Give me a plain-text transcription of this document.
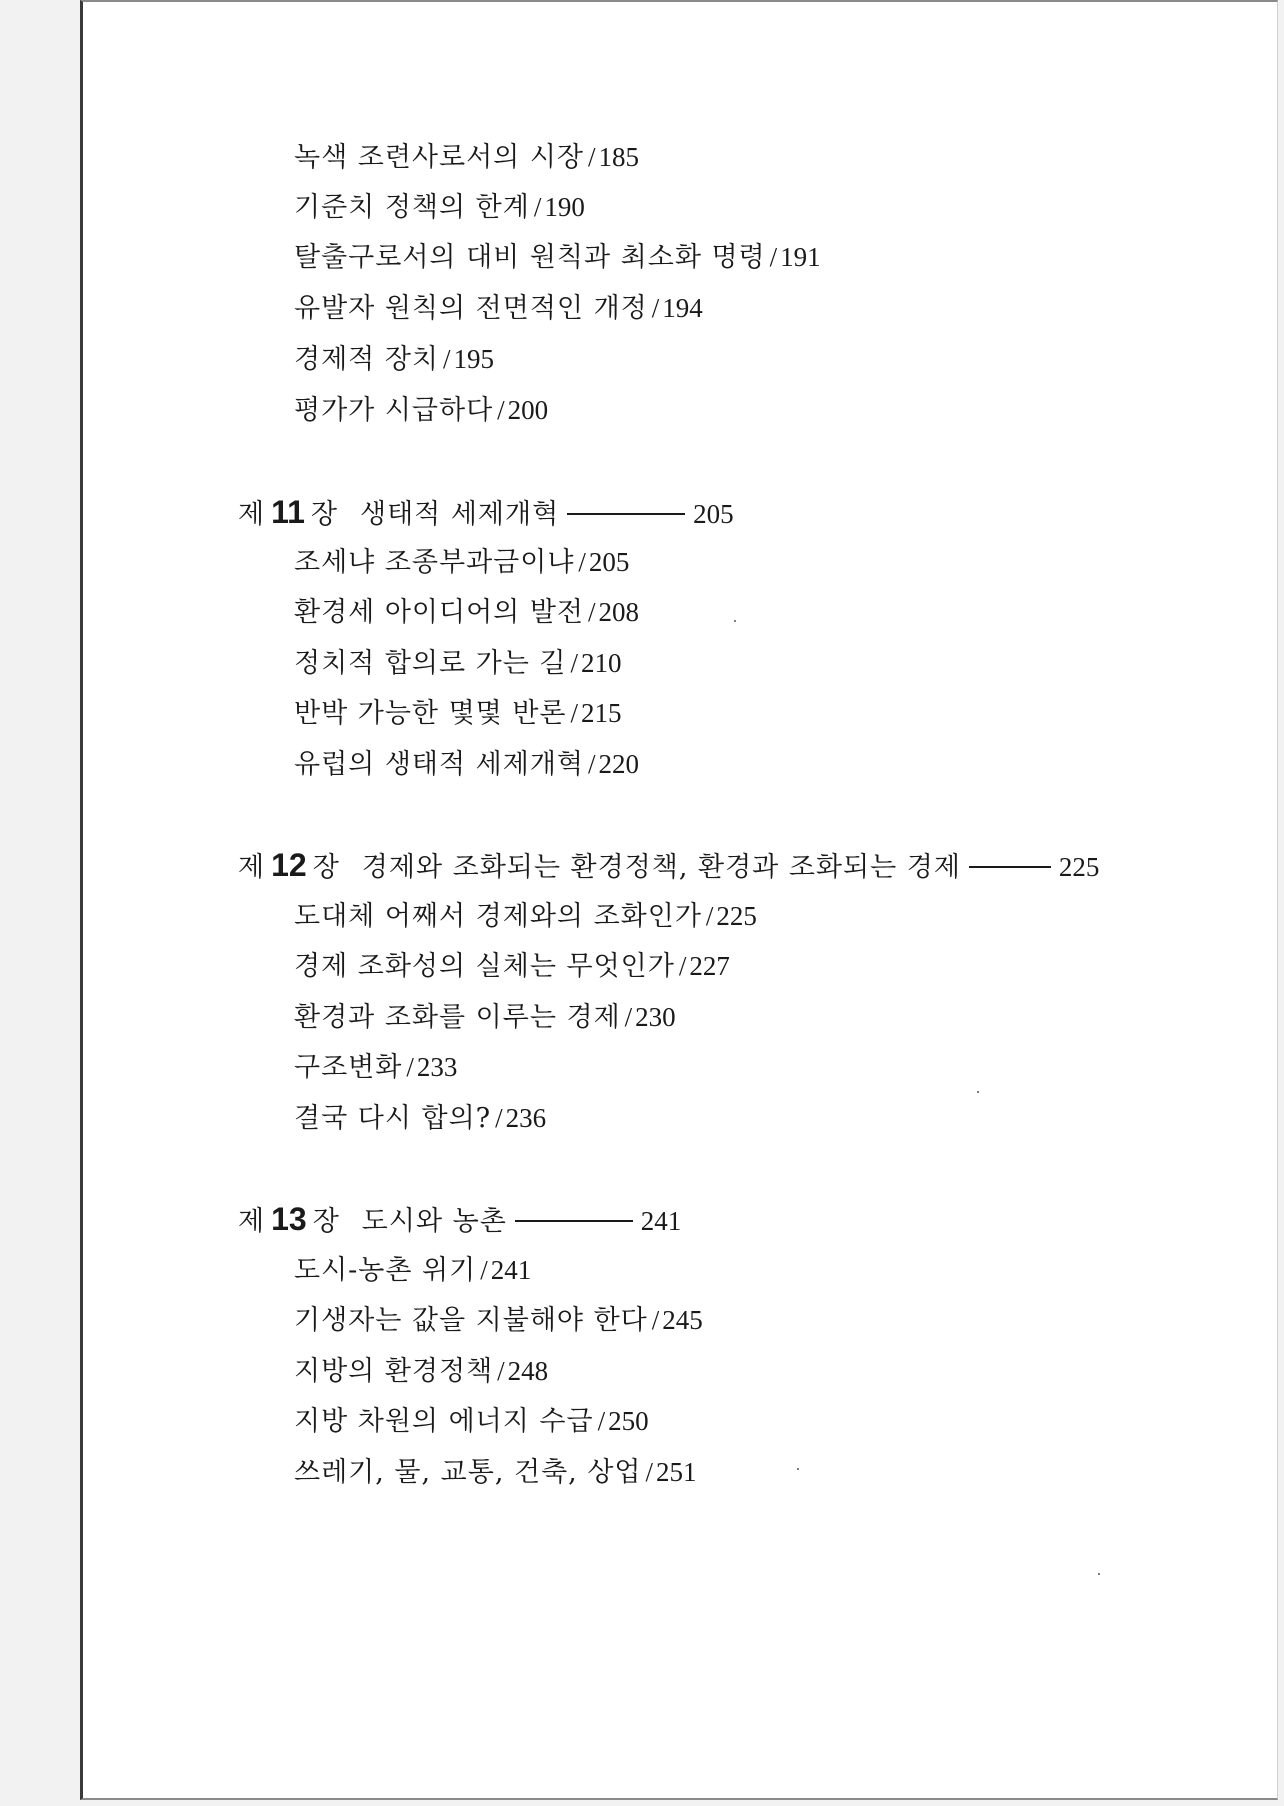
녹색 조련사로서의 시장 /185
기준치 정책의 한계 /190
탈출구로서의 대비 원칙과 최소화 명령 /191
유발자 원칙의 전면적인 개정 /194
경제적 장치 /195
평가가 시급하다 /200
제 11 장 생태적 세제개혁	205
조세냐 조종부과금이냐 /205
환경세 아이디어의 발전 /208
정치적 합의로 가는 길 /210
반박 가능한 몇몇 반론 /215
유럽의 생태적 세제개혁 /220
제 12 장 경제와 조화되는 환경정책, 환경과 조화되는 경제	225
도대체 어째서 경제와의 조화인가 /225
경제 조화성의 실체는 무엇인가 /227
환경과 조화를 이루는 경제 /230
구조변화 /233
결국 다시 합의? /236
제 13 장 도시와 농촌	241
도시-농촌 위기 /241
기생자는 값을 지불해야 한다 /245
지방의 환경정책 /248
지방 차원의 에너지 수급 /250
쓰레기, 물, 교통, 건축, 상업 /251
